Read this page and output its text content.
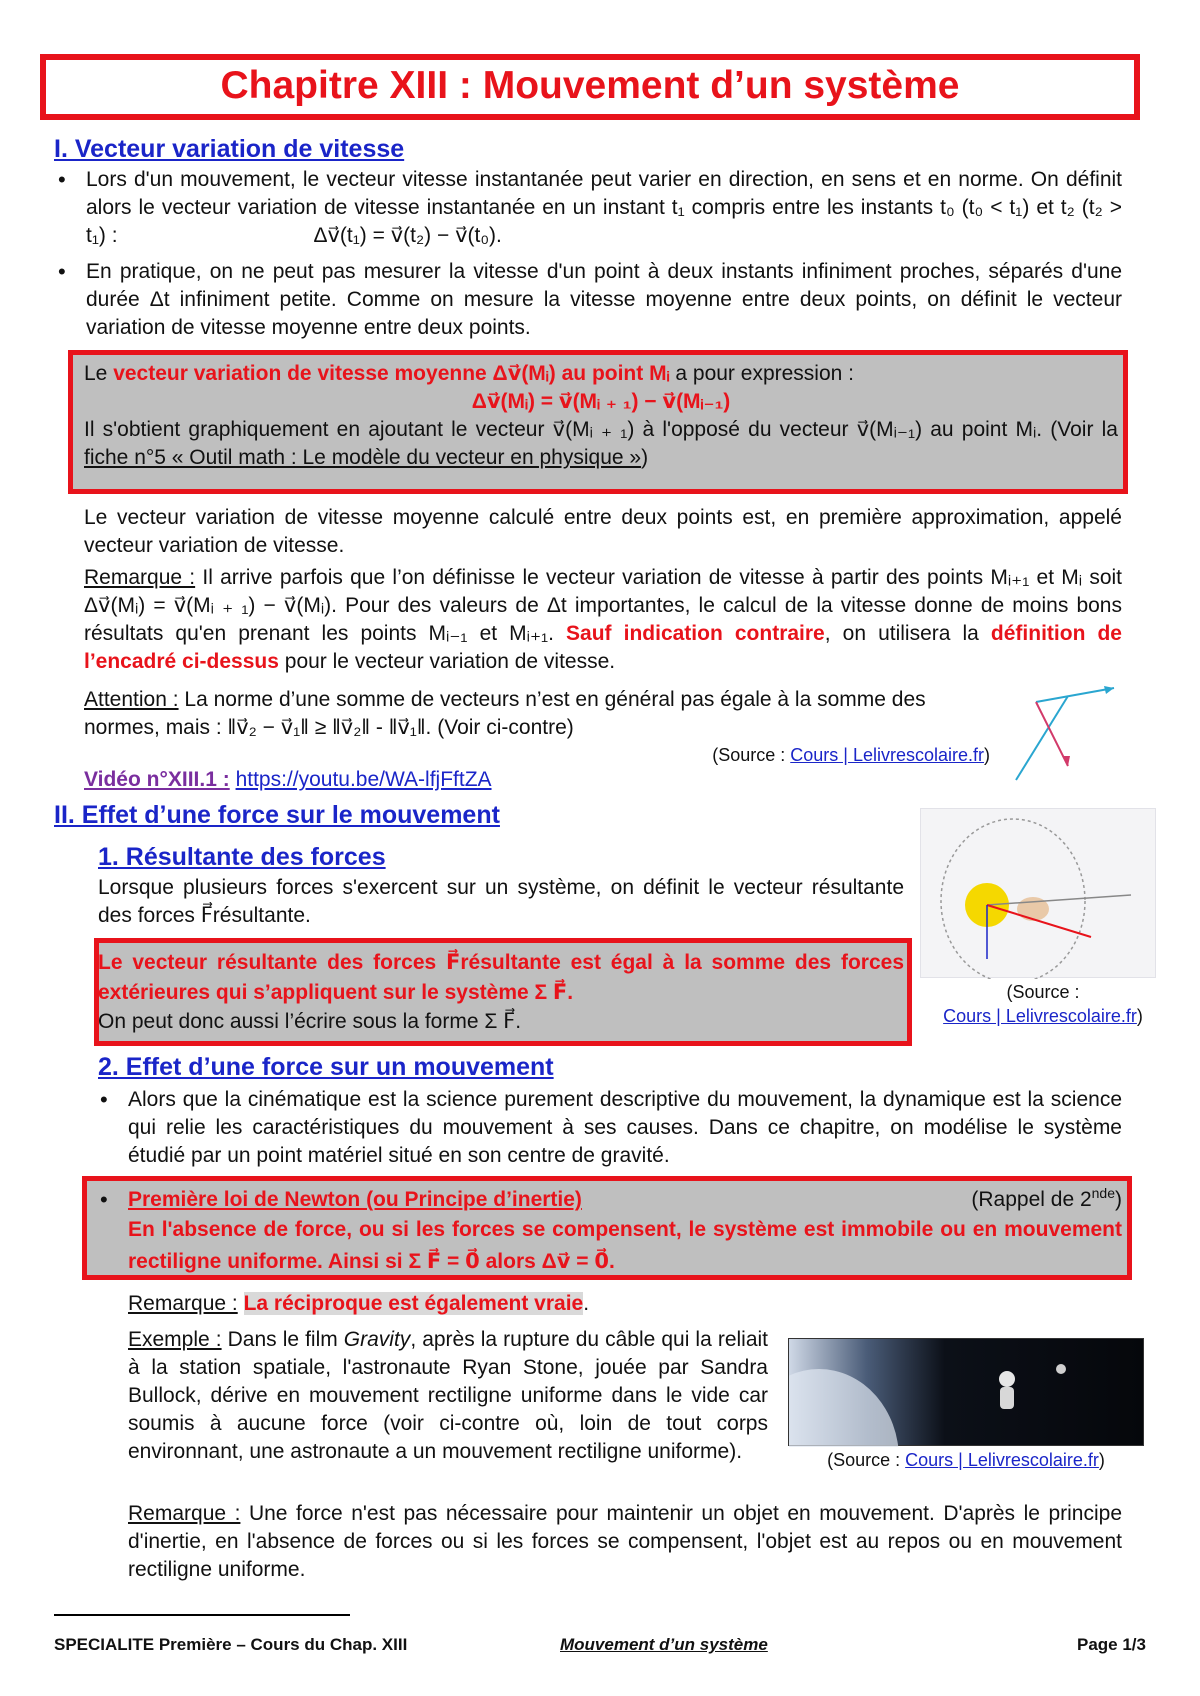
Chapitre XIII : Mouvement d’un système
I. Vecteur variation de vitesse
• Lors d'un mouvement, le vecteur vitesse instantanée peut varier en direction, en sens et en norme. On définit alors le vecteur variation de vitesse instantanée en un instant t₁ compris entre les instants t₀ (t₀ < t₁) et t₂ (t₂ > t₁) :	Δv⃗(t₁) = v⃗(t₂) − v⃗(t₀).
• En pratique, on ne peut pas mesurer la vitesse d'un point à deux instants infiniment proches, séparés d'une durée Δt infiniment petite. Comme on mesure la vitesse moyenne entre deux points, on définit le vecteur variation de vitesse moyenne entre deux points.
Le vecteur variation de vitesse moyenne Δv⃗(Mᵢ) au point Mᵢ a pour expression :
Δv⃗(Mᵢ) = v⃗(Mᵢ ₊ ₁) − v⃗(Mᵢ₋₁)
Il s'obtient graphiquement en ajoutant le vecteur v⃗(Mᵢ ₊ ₁) à l'opposé du vecteur v⃗(Mᵢ₋₁) au point Mᵢ. (Voir la fiche n°5 « Outil math : Le modèle du vecteur en physique »)
Le vecteur variation de vitesse moyenne calculé entre deux points est, en première approximation, appelé vecteur variation de vitesse.
Remarque : Il arrive parfois que l’on définisse le vecteur variation de vitesse à partir des points Mᵢ₊₁ et Mᵢ soit Δv⃗(Mᵢ) = v⃗(Mᵢ ₊ ₁) − v⃗(Mᵢ). Pour des valeurs de Δt importantes, le calcul de la vitesse donne de moins bons résultats qu'en prenant les points Mᵢ₋₁ et Mᵢ₊₁. Sauf indication contraire, on utilisera la définition de l’encadré ci-dessus pour le vecteur variation de vitesse.
Attention : La norme d’une somme de vecteurs n’est en général pas égale à la somme des normes, mais : ‖v⃗₂ − v⃗₁‖ ≥ ‖v⃗₂‖ - ‖v⃗₁‖. (Voir ci-contre)
(Source : Cours | Lelivrescolaire.fr)
Vidéo n°XIII.1 : https://youtu.be/WA-lfjFftZA
II. Effet d’une force sur le mouvement
1. Résultante des forces
Lorsque plusieurs forces s'exercent sur un système, on définit le vecteur résultante des forces F⃗résultante.
(Source :
Cours | Lelivrescolaire.fr)
Le vecteur résultante des forces F⃗résultante est égal à la somme des forces extérieures qui s’appliquent sur le système Σ F⃗.
On peut donc aussi l’écrire sous la forme Σ F⃗.
2. Effet d’une force sur un mouvement
• Alors que la cinématique est la science purement descriptive du mouvement, la dynamique est la science qui relie les caractéristiques du mouvement à ses causes. Dans ce chapitre, on modélise le système étudié par un point matériel situé en son centre de gravité.
• Première loi de Newton (ou Principe d’inertie)	(Rappel de 2nde)
En l'absence de force, ou si les forces se compensent, le système est immobile ou en mouvement rectiligne uniforme. Ainsi si Σ F⃗ = 0⃗ alors Δv⃗ = 0⃗.
Remarque : La réciproque est également vraie.
Exemple : Dans le film Gravity, après la rupture du câble qui la reliait à la station spatiale, l'astronaute Ryan Stone, jouée par Sandra Bullock, dérive en mouvement rectiligne uniforme dans le vide car soumis à aucune force (voir ci-contre où, loin de tout corps environnant, une astronaute a un mouvement rectiligne uniforme).	(Source : Cours | Lelivrescolaire.fr)
Remarque : Une force n'est pas nécessaire pour maintenir un objet en mouvement. D'après le principe d'inertie, en l'absence de forces ou si les forces se compensent, l'objet est au repos ou en mouvement rectiligne uniforme.
SPECIALITE Première – Cours du Chap. XIII	Mouvement d’un système	Page 1/3
